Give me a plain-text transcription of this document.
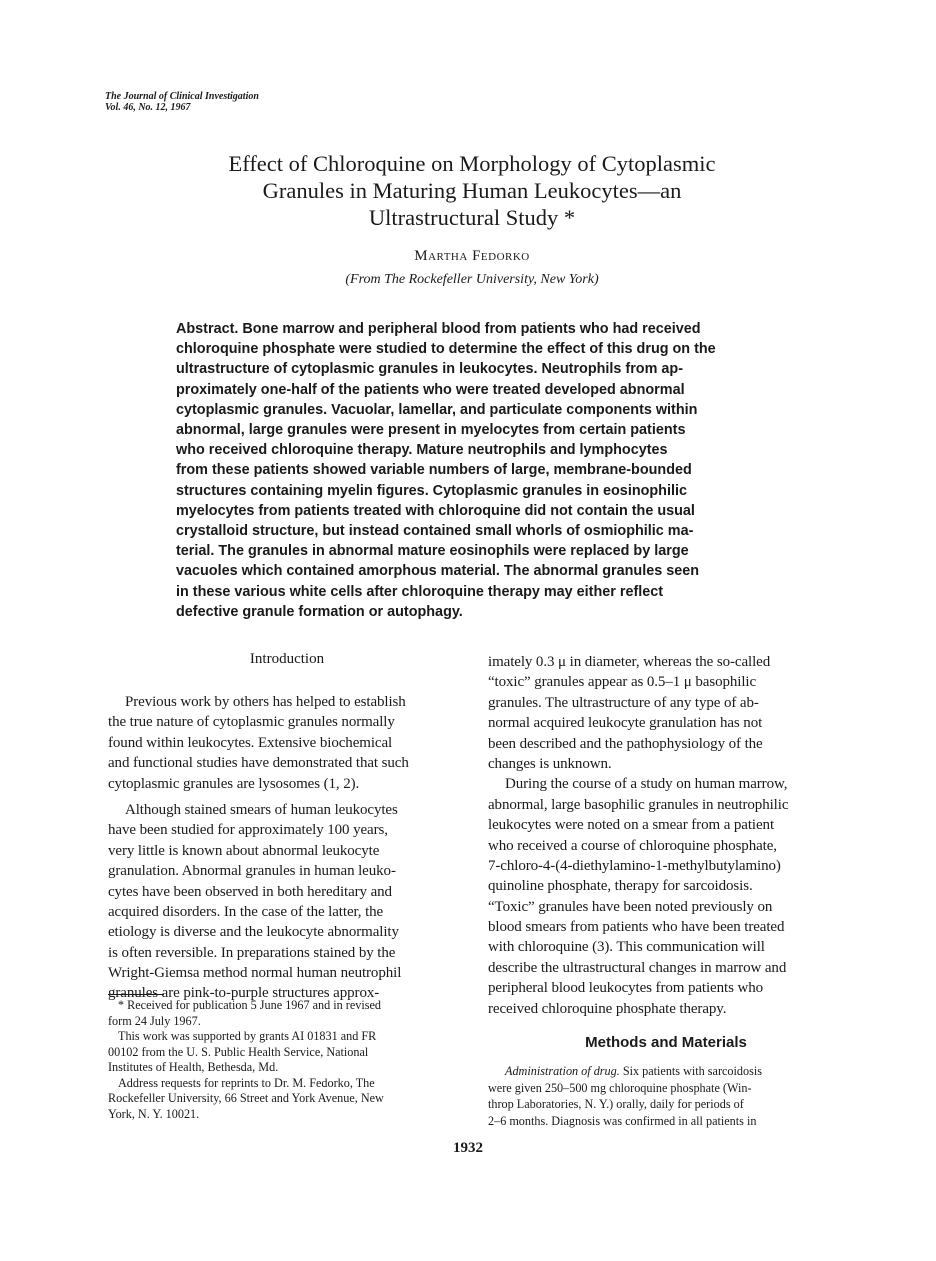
The Journal of Clinical Investigation
Vol. 46, No. 12, 1967
Effect of Chloroquine on Morphology of Cytoplasmic
Granules in Maturing Human Leukocytes—an
Ultrastructural Study *
Martha Fedorko
(From The Rockefeller University, New York)
Abstract. Bone marrow and peripheral blood from patients who had received
chloroquine phosphate were studied to determine the effect of this drug on the
ultrastructure of cytoplasmic granules in leukocytes. Neutrophils from ap-
proximately one-half of the patients who were treated developed abnormal
cytoplasmic granules. Vacuolar, lamellar, and particulate components within
abnormal, large granules were present in myelocytes from certain patients
who received chloroquine therapy. Mature neutrophils and lymphocytes
from these patients showed variable numbers of large, membrane-bounded
structures containing myelin figures. Cytoplasmic granules in eosinophilic
myelocytes from patients treated with chloroquine did not contain the usual
crystalloid structure, but instead contained small whorls of osmiophilic ma-
terial. The granules in abnormal mature eosinophils were replaced by large
vacuoles which contained amorphous material. The abnormal granules seen
in these various white cells after chloroquine therapy may either reflect
defective granule formation or autophagy.
Introduction
Previous work by others has helped to establish
the true nature of cytoplasmic granules normally
found within leukocytes. Extensive biochemical
and functional studies have demonstrated that such
cytoplasmic granules are lysosomes (1, 2).
Although stained smears of human leukocytes
have been studied for approximately 100 years,
very little is known about abnormal leukocyte
granulation. Abnormal granules in human leuko-
cytes have been observed in both hereditary and
acquired disorders. In the case of the latter, the
etiology is diverse and the leukocyte abnormality
is often reversible. In preparations stained by the
Wright-Giemsa method normal human neutrophil
granules are pink-to-purple structures approx-
* Received for publication 5 June 1967 and in revised
form 24 July 1967.
This work was supported by grants AI 01831 and FR
00102 from the U. S. Public Health Service, National
Institutes of Health, Bethesda, Md.
Address requests for reprints to Dr. M. Fedorko, The
Rockefeller University, 66 Street and York Avenue, New
York, N. Y. 10021.
imately 0.3 μ in diameter, whereas the so-called
“toxic” granules appear as 0.5–1 μ basophilic
granules. The ultrastructure of any type of ab-
normal acquired leukocyte granulation has not
been described and the pathophysiology of the
changes is unknown.
During the course of a study on human marrow,
abnormal, large basophilic granules in neutrophilic
leukocytes were noted on a smear from a patient
who received a course of chloroquine phosphate,
7-chloro-4-(4-diethylamino-1-methylbutylamino)
quinoline phosphate, therapy for sarcoidosis.
“Toxic” granules have been noted previously on
blood smears from patients who have been treated
with chloroquine (3). This communication will
describe the ultrastructural changes in marrow and
peripheral blood leukocytes from patients who
received chloroquine phosphate therapy.
Methods and Materials
Administration of drug. Six patients with sarcoidosis
were given 250–500 mg chloroquine phosphate (Win-
throp Laboratories, N. Y.) orally, daily for periods of
2–6 months. Diagnosis was confirmed in all patients in
1932
